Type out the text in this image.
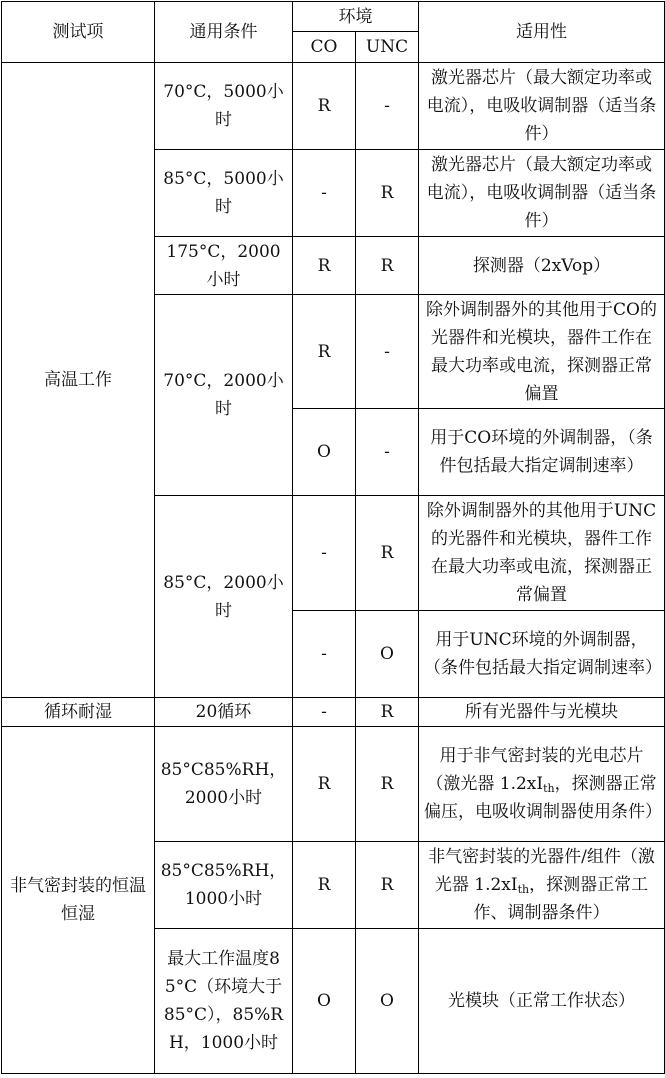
测试项	通用条件	环境		适用性
		CO	UNC	
高温工作	70°C，5000小时	R	-	激光器芯片（最大额定功率或电流），电吸收调制器（适当条件）
	85°C，5000小时	-	R	激光器芯片（最大额定功率或电流），电吸收调制器（适当条件）
	175°C，2000小时	R	R	探测器（2xVop）
	70°C，2000小时	R	-	除外调制器外的其他用于CO的光器件和光模块，器件工作在最大功率或电流，探测器正常偏置
		O	-	用于CO环境的外调制器，（条件包括最大指定调制速率）
	85°C，2000小时	-	R	除外调制器外的其他用于UNC的光器件和光模块，器件工作在最大功率或电流，探测器正常偏置
		-	O	用于UNC环境的外调制器，（条件包括最大指定调制速率）
循环耐湿	20循环	-	R	所有光器件与光模块
非气密封装的恒温恒湿	85°C85%RH，2000小时	R	R	用于非气密封装的光电芯片（激光器 $1.2xI_{th}$，探测器正常偏压，电吸收调制器使用条件）
	85°C85%RH，1000小时	R	R	非气密封装的光器件/组件（激光器 $1.2xI_{th}$，探测器正常工作、调制器条件）
	最大工作温度85°C（环境大于85°C），85%RH，1000小时	O	O	光模块（正常工作状态）
